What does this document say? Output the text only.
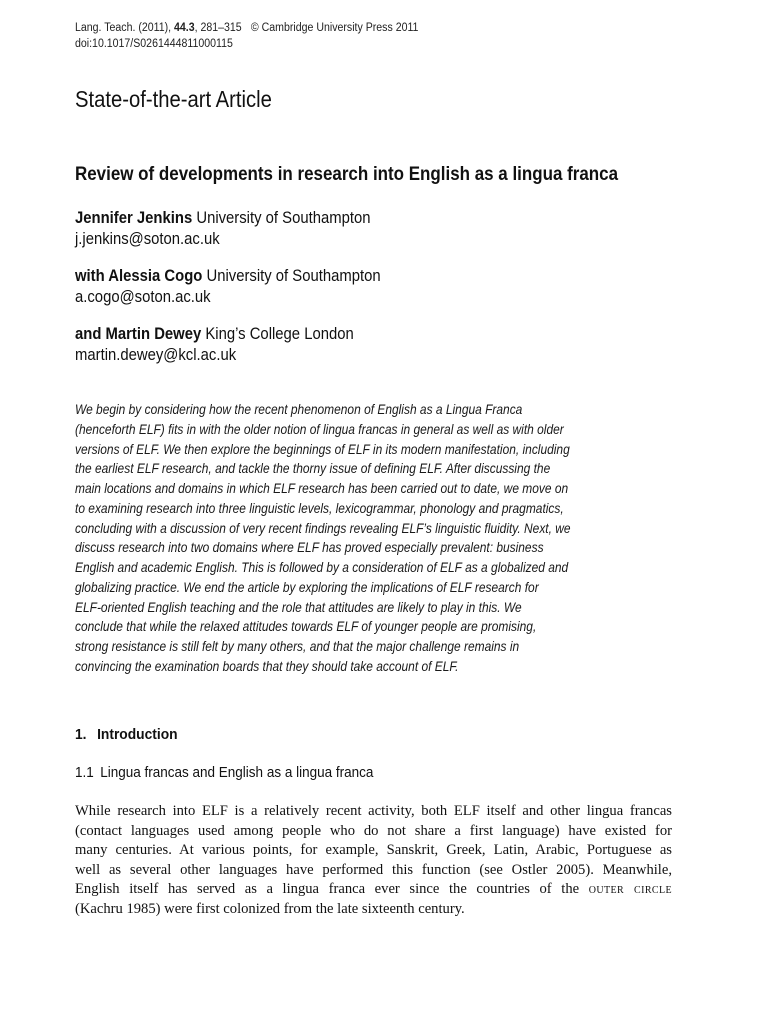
Lang. Teach. (2011), 44.3, 281–315 © Cambridge University Press 2011
doi:10.1017/S0261444811000115
State-of-the-art Article
Review of developments in research into English as a lingua franca
Jennifer Jenkins University of Southampton
j.jenkins@soton.ac.uk
with Alessia Cogo University of Southampton
a.cogo@soton.ac.uk
and Martin Dewey King’s College London
martin.dewey@kcl.ac.uk
We begin by considering how the recent phenomenon of English as a Lingua Franca
(henceforth ELF) fits in with the older notion of lingua francas in general as well as with older
versions of ELF. We then explore the beginnings of ELF in its modern manifestation, including
the earliest ELF research, and tackle the thorny issue of defining ELF. After discussing the
main locations and domains in which ELF research has been carried out to date, we move on
to examining research into three linguistic levels, lexicogrammar, phonology and pragmatics,
concluding with a discussion of very recent findings revealing ELF’s linguistic fluidity. Next, we
discuss research into two domains where ELF has proved especially prevalent: business
English and academic English. This is followed by a consideration of ELF as a globalized and
globalizing practice. We end the article by exploring the implications of ELF research for
ELF-oriented English teaching and the role that attitudes are likely to play in this. We
conclude that while the relaxed attitudes towards ELF of younger people are promising,
strong resistance is still felt by many others, and that the major challenge remains in
convincing the examination boards that they should take account of ELF.
1. Introduction
1.1 Lingua francas and English as a lingua franca
While research into ELF is a relatively recent activity, both ELF itself and other lingua francas
(contact languages used among people who do not share a first language) have existed for
many centuries. At various points, for example, Sanskrit, Greek, Latin, Arabic, Portuguese as
well as several other languages have performed this function (see Ostler 2005). Meanwhile,
English itself has served as a lingua franca ever since the countries of the outer circle
(Kachru 1985) were first colonized from the late sixteenth century.
